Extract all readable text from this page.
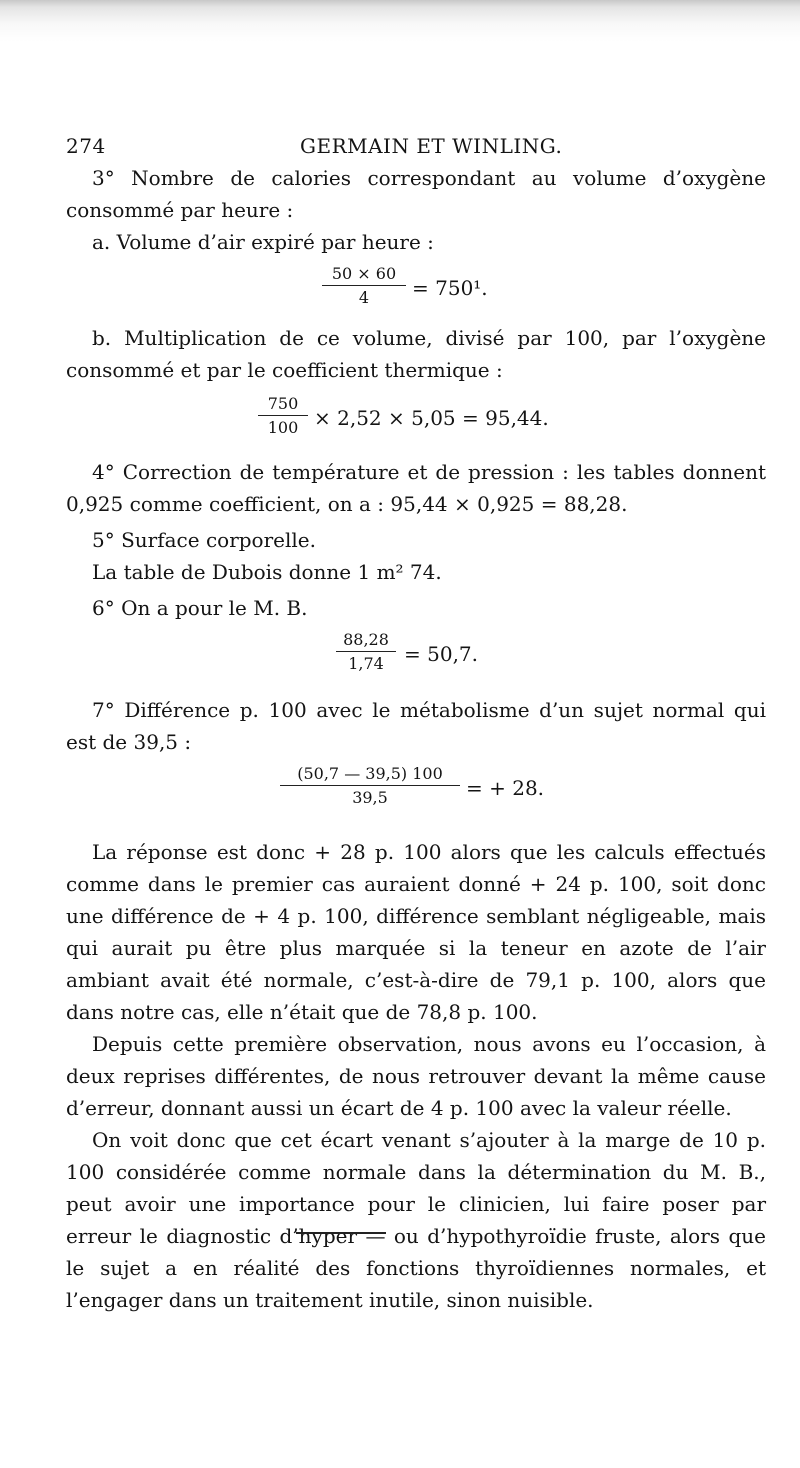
274	GERMAIN ET WINLING.

3° Nombre de calories correspondant au volume d’oxygène consommé par heure :

a. Volume d’air expiré par heure :

$\frac{50 \times 60}{4} = 750^1$.

b. Multiplication de ce volume, divisé par 100, par l’oxygène consommé et par le coefficient thermique :

$\frac{750}{100} \times 2,52 \times 5,05 = 95,44$.

4° Correction de température et de pression : les tables donnent 0,925 comme coefficient, on a : 95,44 × 0,925 = 88,28.

5° Surface corporelle.

La table de Dubois donne 1 m² 74.

6° On a pour le M. B.

$\frac{88,28}{1,74} = 50,7$.

7° Différence p. 100 avec le métabolisme d’un sujet normal qui est de 39,5 :

$\frac{(50,7 — 39,5) 100}{39,5}$ = + 28.

La réponse est donc + 28 p. 100 alors que les calculs effectués comme dans le premier cas auraient donné + 24 p. 100, soit donc une différence de + 4 p. 100, différence semblant négligeable, mais qui aurait pu être plus marquée si la teneur en azote de l’air ambiant avait été normale, c’est-à-dire de 79,1 p. 100, alors que dans notre cas, elle n’était que de 78,8 p. 100.

Depuis cette première observation, nous avons eu l’occasion, à deux reprises différentes, de nous retrouver devant la même cause d’erreur, donnant aussi un écart de 4 p. 100 avec la valeur réelle.

On voit donc que cet écart venant s’ajouter à la marge de 10 p. 100 considérée comme normale dans la détermination du M. B., peut avoir une importance pour le clinicien, lui faire poser par erreur le diagnostic d’hyper — ou d’hypothyroïdie fruste, alors que le sujet a en réalité des fonctions thyroïdiennes normales, et l’engager dans un traitement inutile, sinon nuisible.
